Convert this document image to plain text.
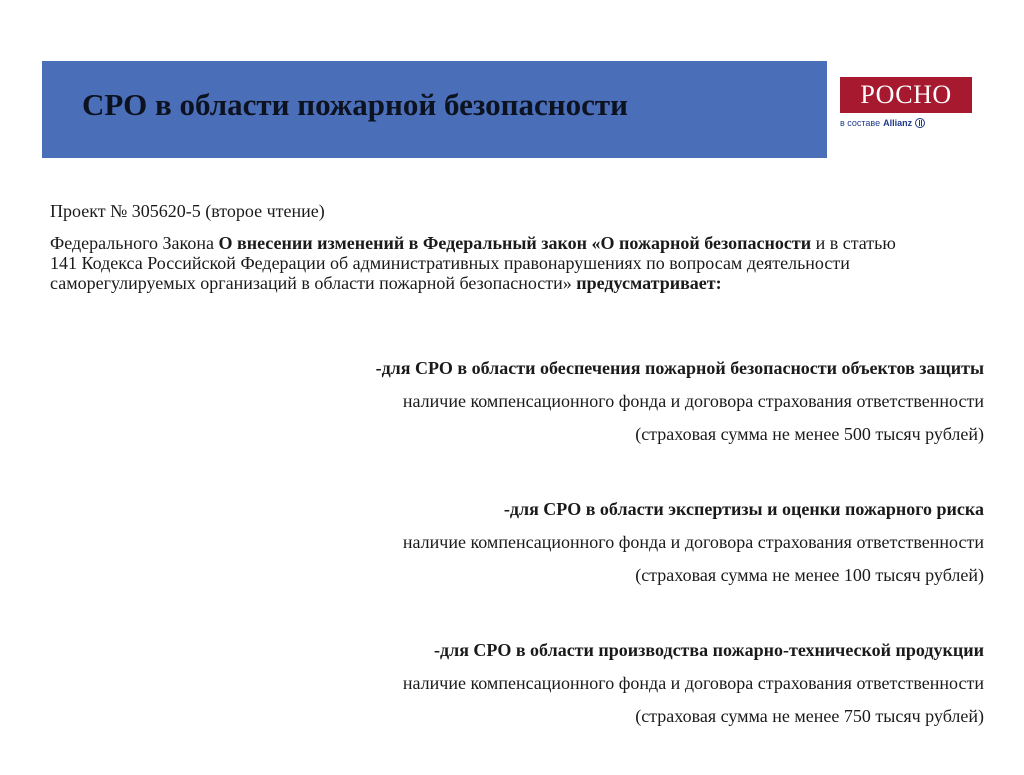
СРО в области пожарной безопасности	РОСНО
в составе Allianz
Проект № 305620-5 (второе чтение)
Федерального Закона О внесении изменений в Федеральный закон «О пожарной безопасности и в статью 141 Кодекса Российской Федерации об административных правонарушениях по вопросам деятельности саморегулируемых организаций в области пожарной безопасности» предусматривает:
-для СРО в области обеспечения пожарной безопасности объектов защиты
наличие компенсационного фонда и договора страхования ответственности
(страховая сумма не менее 500 тысяч рублей)
-для СРО в области экспертизы и оценки пожарного риска
наличие компенсационного фонда и договора страхования ответственности
(страховая сумма не менее 100 тысяч рублей)
-для СРО в области производства пожарно-технической продукции
наличие компенсационного фонда и договора страхования ответственности
(страховая сумма не менее 750 тысяч рублей)
